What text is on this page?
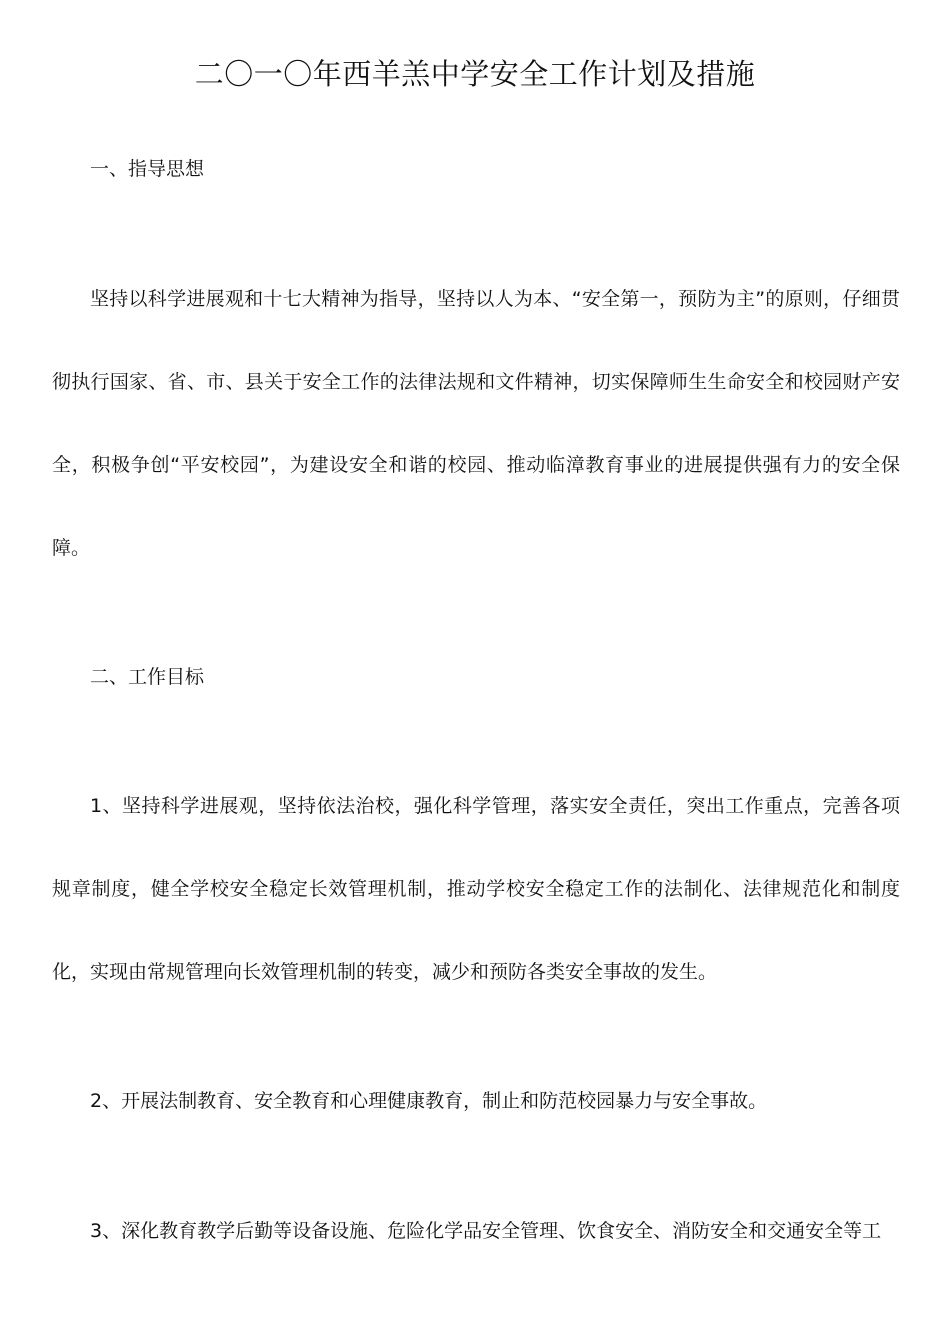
二〇一〇年西羊羔中学安全工作计划及措施
一、指导思想

坚持以科学进展观和十七大精神为指导，坚持以人为本、“安全第一，预防为主”的原则，仔细贯彻执行国家、省、市、县关于安全工作的法律法规和文件精神，切实保障师生生命安全和校园财产安全，积极争创“平安校园”，为建设安全和谐的校园、推动临漳教育事业的进展提供强有力的安全保障。

二、工作目标

1、坚持科学进展观，坚持依法治校，强化科学管理，落实安全责任，突出工作重点，完善各项规章制度，健全学校安全稳定长效管理机制，推动学校安全稳定工作的法制化、法律规范化和制度化，实现由常规管理向长效管理机制的转变，减少和预防各类安全事故的发生。

2、开展法制教育、安全教育和心理健康教育，制止和防范校园暴力与安全事故。

3、深化教育教学后勤等设备设施、危险化学品安全管理、饮食安全、消防安全和交通安全等工
